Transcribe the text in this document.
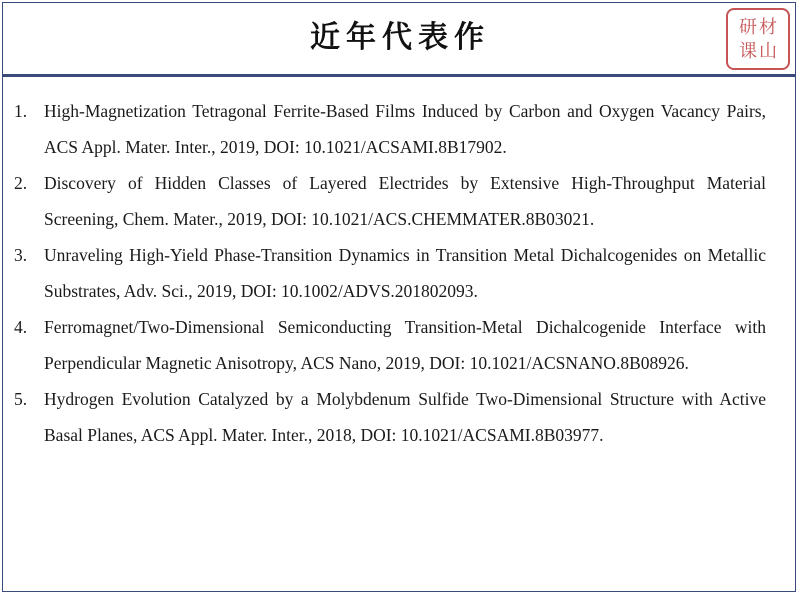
近年代表作	研材
课山
1. High-Magnetization Tetragonal Ferrite-Based Films Induced by Carbon and Oxygen Vacancy Pairs, ACS Appl. Mater. Inter., 2019, DOI: 10.1021/ACSAMI.8B17902.
2. Discovery of Hidden Classes of Layered Electrides by Extensive High-Throughput Material Screening, Chem. Mater., 2019, DOI: 10.1021/ACS.CHEMMATER.8B03021.
3. Unraveling High-Yield Phase-Transition Dynamics in Transition Metal Dichalcogenides on Metallic Substrates, Adv. Sci., 2019, DOI: 10.1002/ADVS.201802093.
4. Ferromagnet/Two-Dimensional Semiconducting Transition-Metal Dichalcogenide Interface with Perpendicular Magnetic Anisotropy, ACS Nano, 2019, DOI: 10.1021/ACSNANO.8B08926.
5. Hydrogen Evolution Catalyzed by a Molybdenum Sulfide Two-Dimensional Structure with Active Basal Planes, ACS Appl. Mater. Inter., 2018, DOI: 10.1021/ACSAMI.8B03977.
